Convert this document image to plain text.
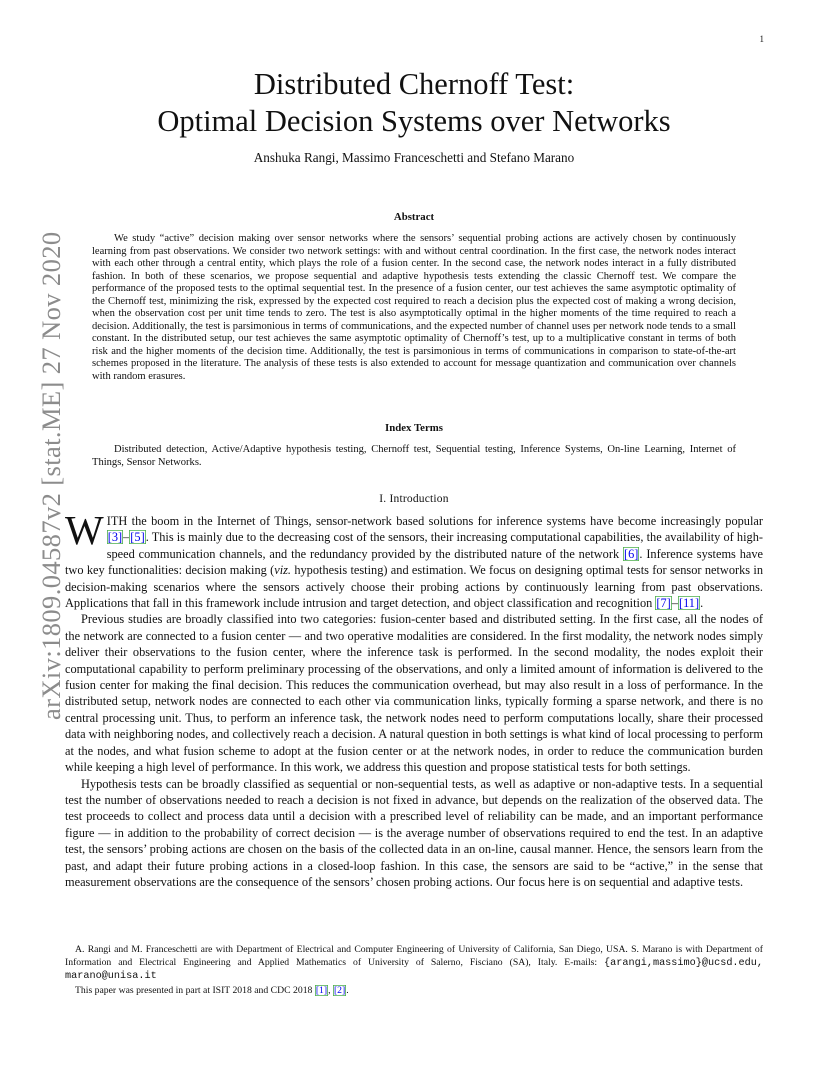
1
arXiv:1809.04587v2 [stat.ME] 27 Nov 2020
Distributed Chernoff Test:
Optimal Decision Systems over Networks
Anshuka Rangi, Massimo Franceschetti and Stefano Marano
Abstract
We study “active” decision making over sensor networks where the sensors’ sequential probing actions are actively chosen by continuously learning from past observations. We consider two network settings: with and without central coordination. In the first case, the network nodes interact with each other through a central entity, which plays the role of a fusion center. In the second case, the network nodes interact in a fully distributed fashion. In both of these scenarios, we propose sequential and adaptive hypothesis tests extending the classic Chernoff test. We compare the performance of the proposed tests to the optimal sequential test. In the presence of a fusion center, our test achieves the same asymptotic optimality of the Chernoff test, minimizing the risk, expressed by the expected cost required to reach a decision plus the expected cost of making a wrong decision, when the observation cost per unit time tends to zero. The test is also asymptotically optimal in the higher moments of the time required to reach a decision. Additionally, the test is parsimonious in terms of communications, and the expected number of channel uses per network node tends to a small constant. In the distributed setup, our test achieves the same asymptotic optimality of Chernoff’s test, up to a multiplicative constant in terms of both risk and the higher moments of the decision time. Additionally, the test is parsimonious in terms of communications in comparison to state-of-the-art schemes proposed in the literature. The analysis of these tests is also extended to account for message quantization and communication over channels with random erasures.
Index Terms
Distributed detection, Active/Adaptive hypothesis testing, Chernoff test, Sequential testing, Inference Systems, On-line Learning, Internet of Things, Sensor Networks.
I. Introduction

WITH the boom in the Internet of Things, sensor-network based solutions for inference systems have become increasingly popular [3]–[5]. This is mainly due to the decreasing cost of the sensors, their increasing computational capabilities, the availability of high-speed communication channels, and the redundancy provided by the distributed nature of the network [6]. Inference systems have two key functionalities: decision making (viz. hypothesis testing) and estimation. We focus on designing optimal tests for sensor networks in decision-making scenarios where the sensors actively choose their probing actions by continuously learning from past observations. Applications that fall in this framework include intrusion and target detection, and object classification and recognition [7]–[11].

Previous studies are broadly classified into two categories: fusion-center based and distributed setting. In the first case, all the nodes of the network are connected to a fusion center — and two operative modalities are considered. In the first modality, the network nodes simply deliver their observations to the fusion center, where the inference task is performed. In the second modality, the nodes exploit their computational capability to perform preliminary processing of the observations, and only a limited amount of information is delivered to the fusion center for making the final decision. This reduces the communication overhead, but may also result in a loss of performance. In the distributed setup, network nodes are connected to each other via communication links, typically forming a sparse network, and there is no central processing unit. Thus, to perform an inference task, the network nodes need to perform computations locally, share their processed data with neighboring nodes, and collectively reach a decision. A natural question in both settings is what kind of local processing to perform at the nodes, and what fusion scheme to adopt at the fusion center or at the network nodes, in order to reduce the communication burden while keeping a high level of performance. In this work, we address this question and propose statistical tests for both settings.

Hypothesis tests can be broadly classified as sequential or non-sequential tests, as well as adaptive or non-adaptive tests. In a sequential test the number of observations needed to reach a decision is not fixed in advance, but depends on the realization of the observed data. The test proceeds to collect and process data until a decision with a prescribed level of reliability can be made, and an important performance figure — in addition to the probability of correct decision — is the average number of observations required to end the test. In an adaptive test, the sensors’ probing actions are chosen on the basis of the collected data in an on-line, causal manner. Hence, the sensors learn from the past, and adapt their future probing actions in a closed-loop fashion. In this case, the sensors are said to be “active,” in the sense that measurement observations are the consequence of the sensors’ chosen probing actions. Our focus here is on sequential and adaptive tests.

A. Rangi and M. Franceschetti are with Department of Electrical and Computer Engineering of University of California, San Diego, USA. S. Marano is with Department of Information and Electrical Engineering and Applied Mathematics of University of Salerno, Fisciano (SA), Italy. E-mails: {arangi,massimo}@ucsd.edu, marano@unisa.it

This paper was presented in part at ISIT 2018 and CDC 2018 [1], [2].
